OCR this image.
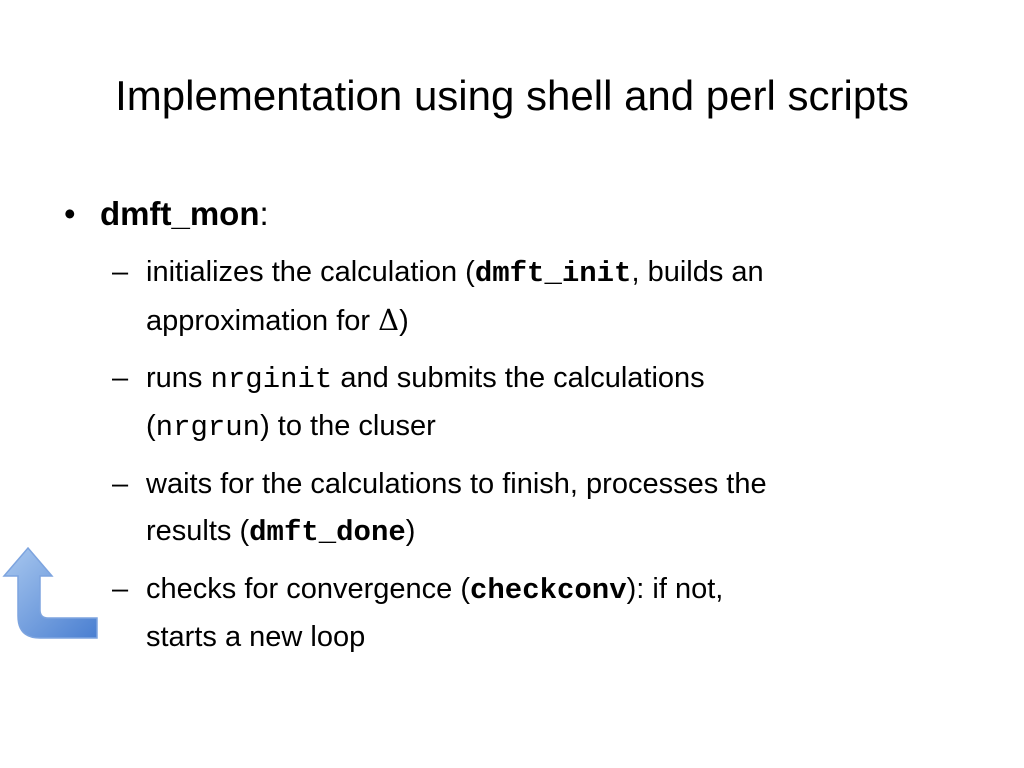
Implementation using shell and perl scripts
• dmft_mon:
– initializes the calculation (dmft_init, builds an
approximation for Δ)
– runs nrginit and submits the calculations
(nrgrun) to the cluser
– waits for the calculations to finish, processes the
results (dmft_done)
– checks for convergence (checkconv): if not,
starts a new loop
